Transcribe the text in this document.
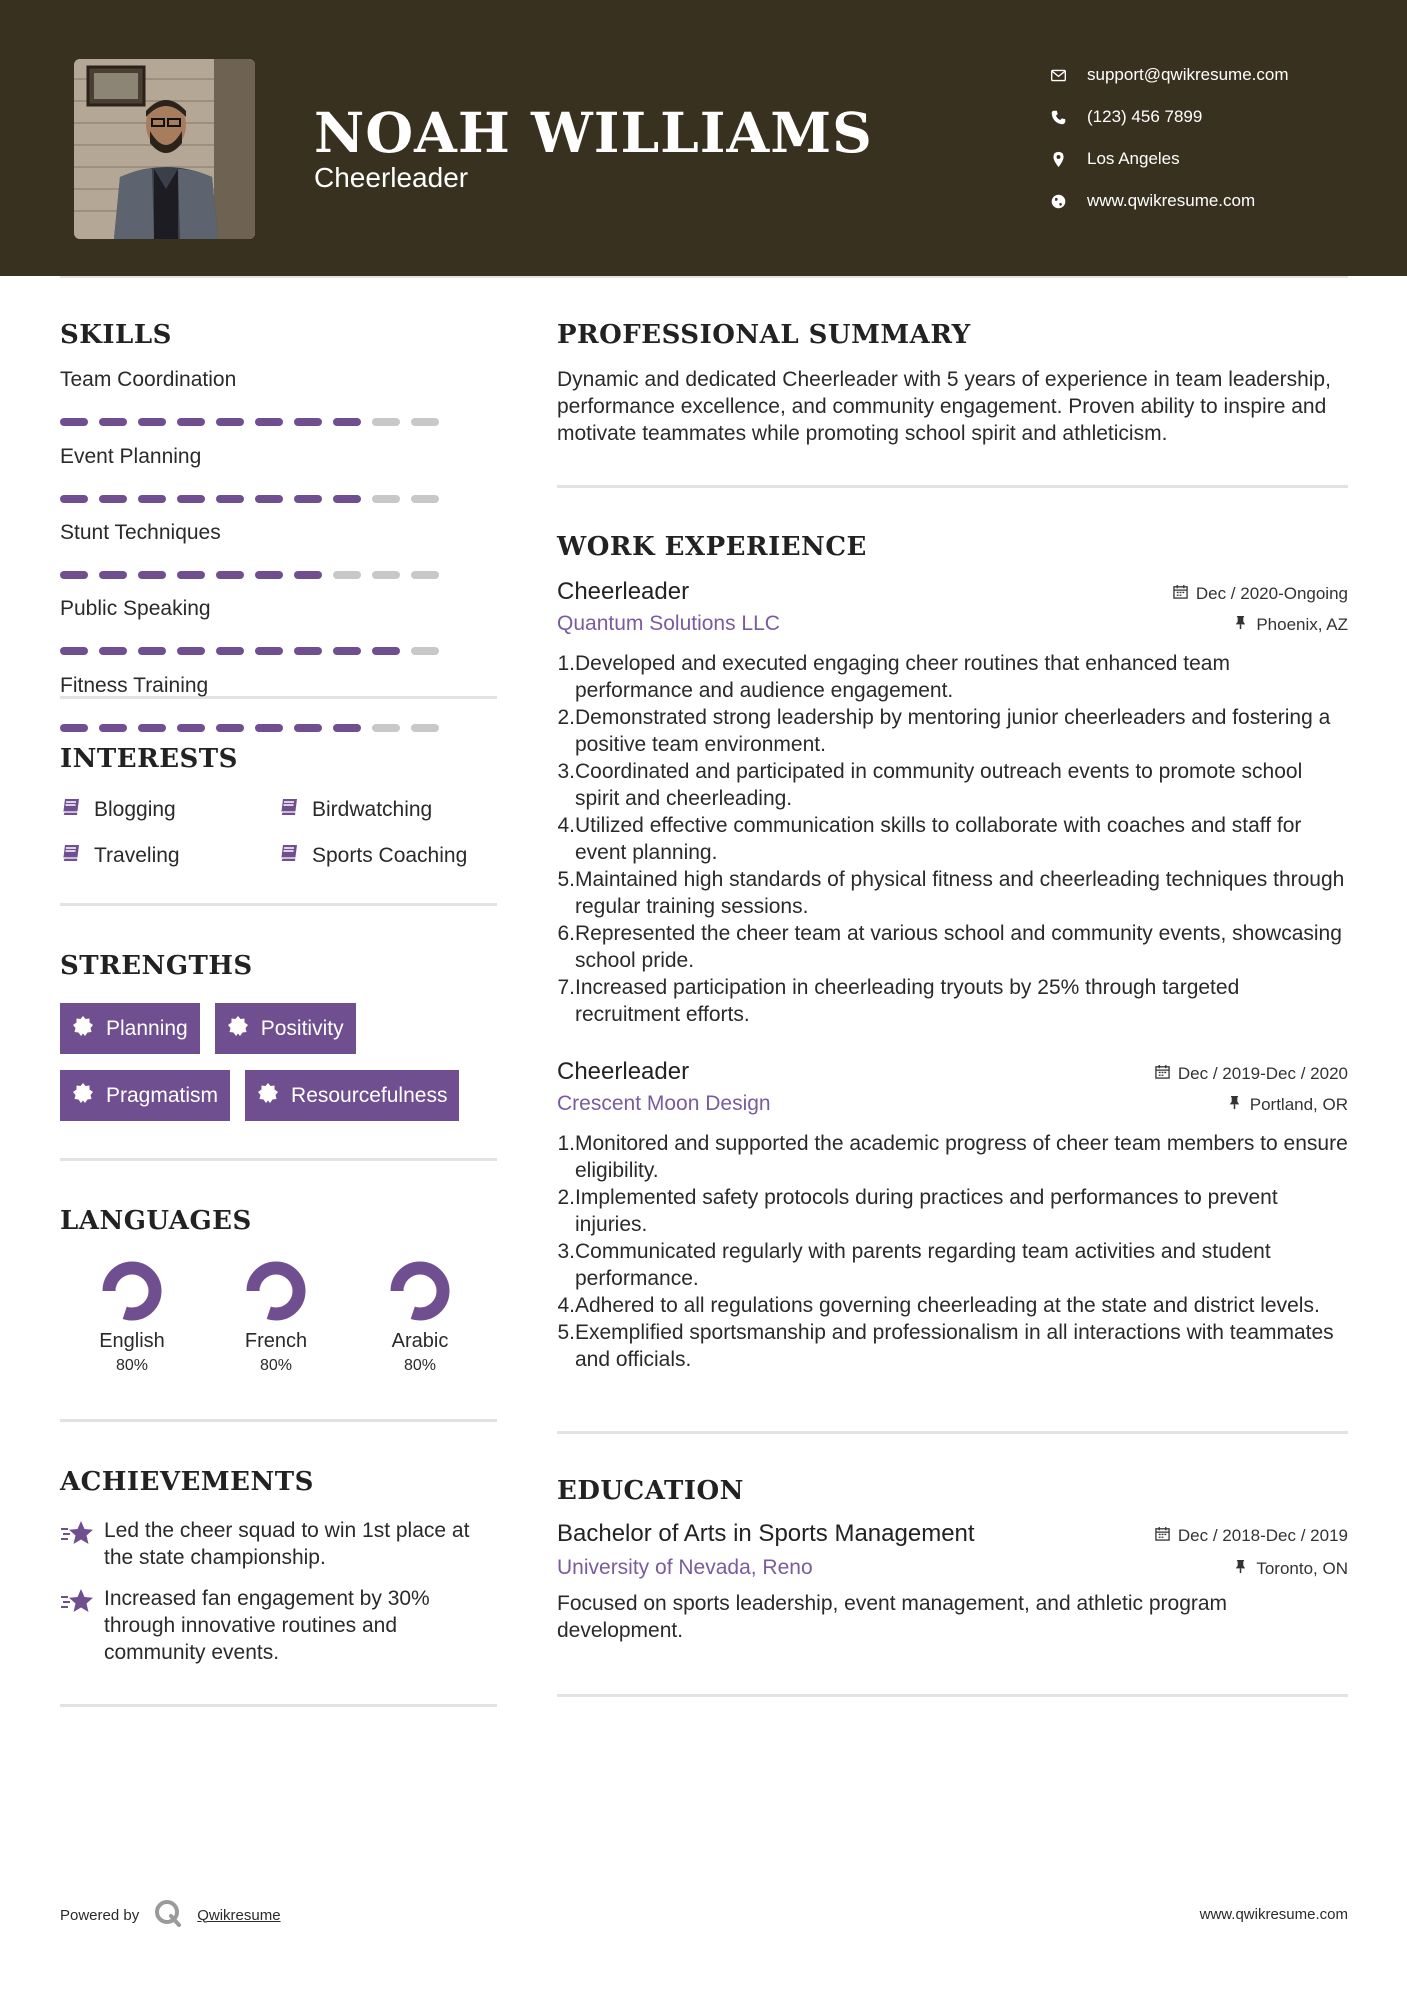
NOAH WILLIAMS
Cheerleader
support@qwikresume.com
(123) 456 7899
Los Angeles
www.qwikresume.com
SKILLS
Team Coordination
Event Planning
Stunt Techniques
Public Speaking
Fitness Training
INTERESTS
Blogging	Birdwatching
Traveling	Sports Coaching
STRENGTHS
Planning	Positivity
Pragmatism	Resourcefulness
LANGUAGES
English
80%
French
80%
Arabic
80%
ACHIEVEMENTS
Led the cheer squad to win 1st place at the state championship.
Increased fan engagement by 30% through innovative routines and community events.
PROFESSIONAL SUMMARY
Dynamic and dedicated Cheerleader with 5 years of experience in team leadership, performance excellence, and community engagement. Proven ability to inspire and motivate teammates while promoting school spirit and athleticism.
WORK EXPERIENCE
Cheerleader	Dec / 2020-Ongoing
Quantum Solutions LLC	Phoenix, AZ
1. Developed and executed engaging cheer routines that enhanced team performance and audience engagement.
2. Demonstrated strong leadership by mentoring junior cheerleaders and fostering a positive team environment.
3. Coordinated and participated in community outreach events to promote school spirit and cheerleading.
4. Utilized effective communication skills to collaborate with coaches and staff for event planning.
5. Maintained high standards of physical fitness and cheerleading techniques through regular training sessions.
6. Represented the cheer team at various school and community events, showcasing school pride.
7. Increased participation in cheerleading tryouts by 25% through targeted recruitment efforts.
Cheerleader	Dec / 2019-Dec / 2020
Crescent Moon Design	Portland, OR
1. Monitored and supported the academic progress of cheer team members to ensure eligibility.
2. Implemented safety protocols during practices and performances to prevent injuries.
3. Communicated regularly with parents regarding team activities and student performance.
4. Adhered to all regulations governing cheerleading at the state and district levels.
5. Exemplified sportsmanship and professionalism in all interactions with teammates and officials.
EDUCATION
Bachelor of Arts in Sports Management	Dec / 2018-Dec / 2019
University of Nevada, Reno	Toronto, ON
Focused on sports leadership, event management, and athletic program development.
Powered by	Qwikresume	www.qwikresume.com
